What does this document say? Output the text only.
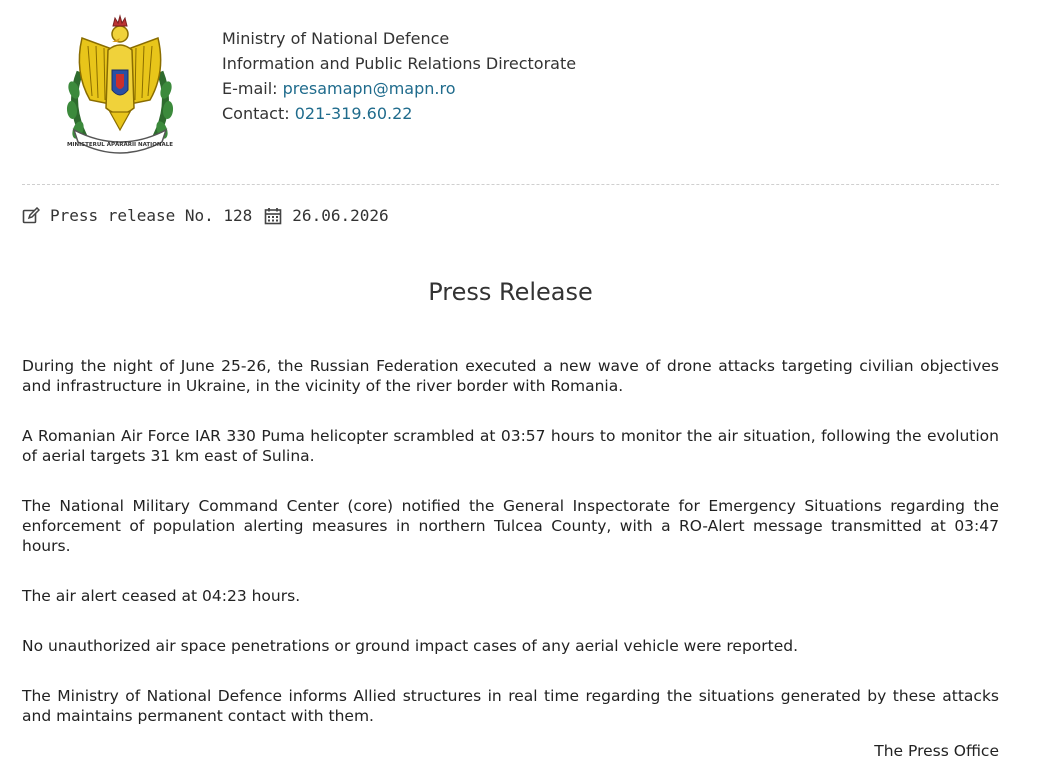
MINISTERUL APĂRĂRII NAȚIONALE
Ministry of National Defence
Information and Public Relations Directorate
E-mail: presamapn@mapn.ro
Contact: 021-319.60.22
Press release No. 128	26.06.2026
Press Release

During the night of June 25-26, the Russian Federation executed a new wave of drone attacks targeting civilian objectives and infrastructure in Ukraine, in the vicinity of the river border with Romania.

A Romanian Air Force IAR 330 Puma helicopter scrambled at 03:57 hours to monitor the air situation, following the evolution of aerial targets 31 km east of Sulina.

The National Military Command Center (core) notified the General Inspectorate for Emergency Situations regarding the enforcement of population alerting measures in northern Tulcea County, with a RO-Alert message transmitted at 03:47 hours.

The air alert ceased at 04:23 hours.

No unauthorized air space penetrations or ground impact cases of any aerial vehicle were reported.

The Ministry of National Defence informs Allied structures in real time regarding the situations generated by these attacks and maintains permanent contact with them.

The Press Office
